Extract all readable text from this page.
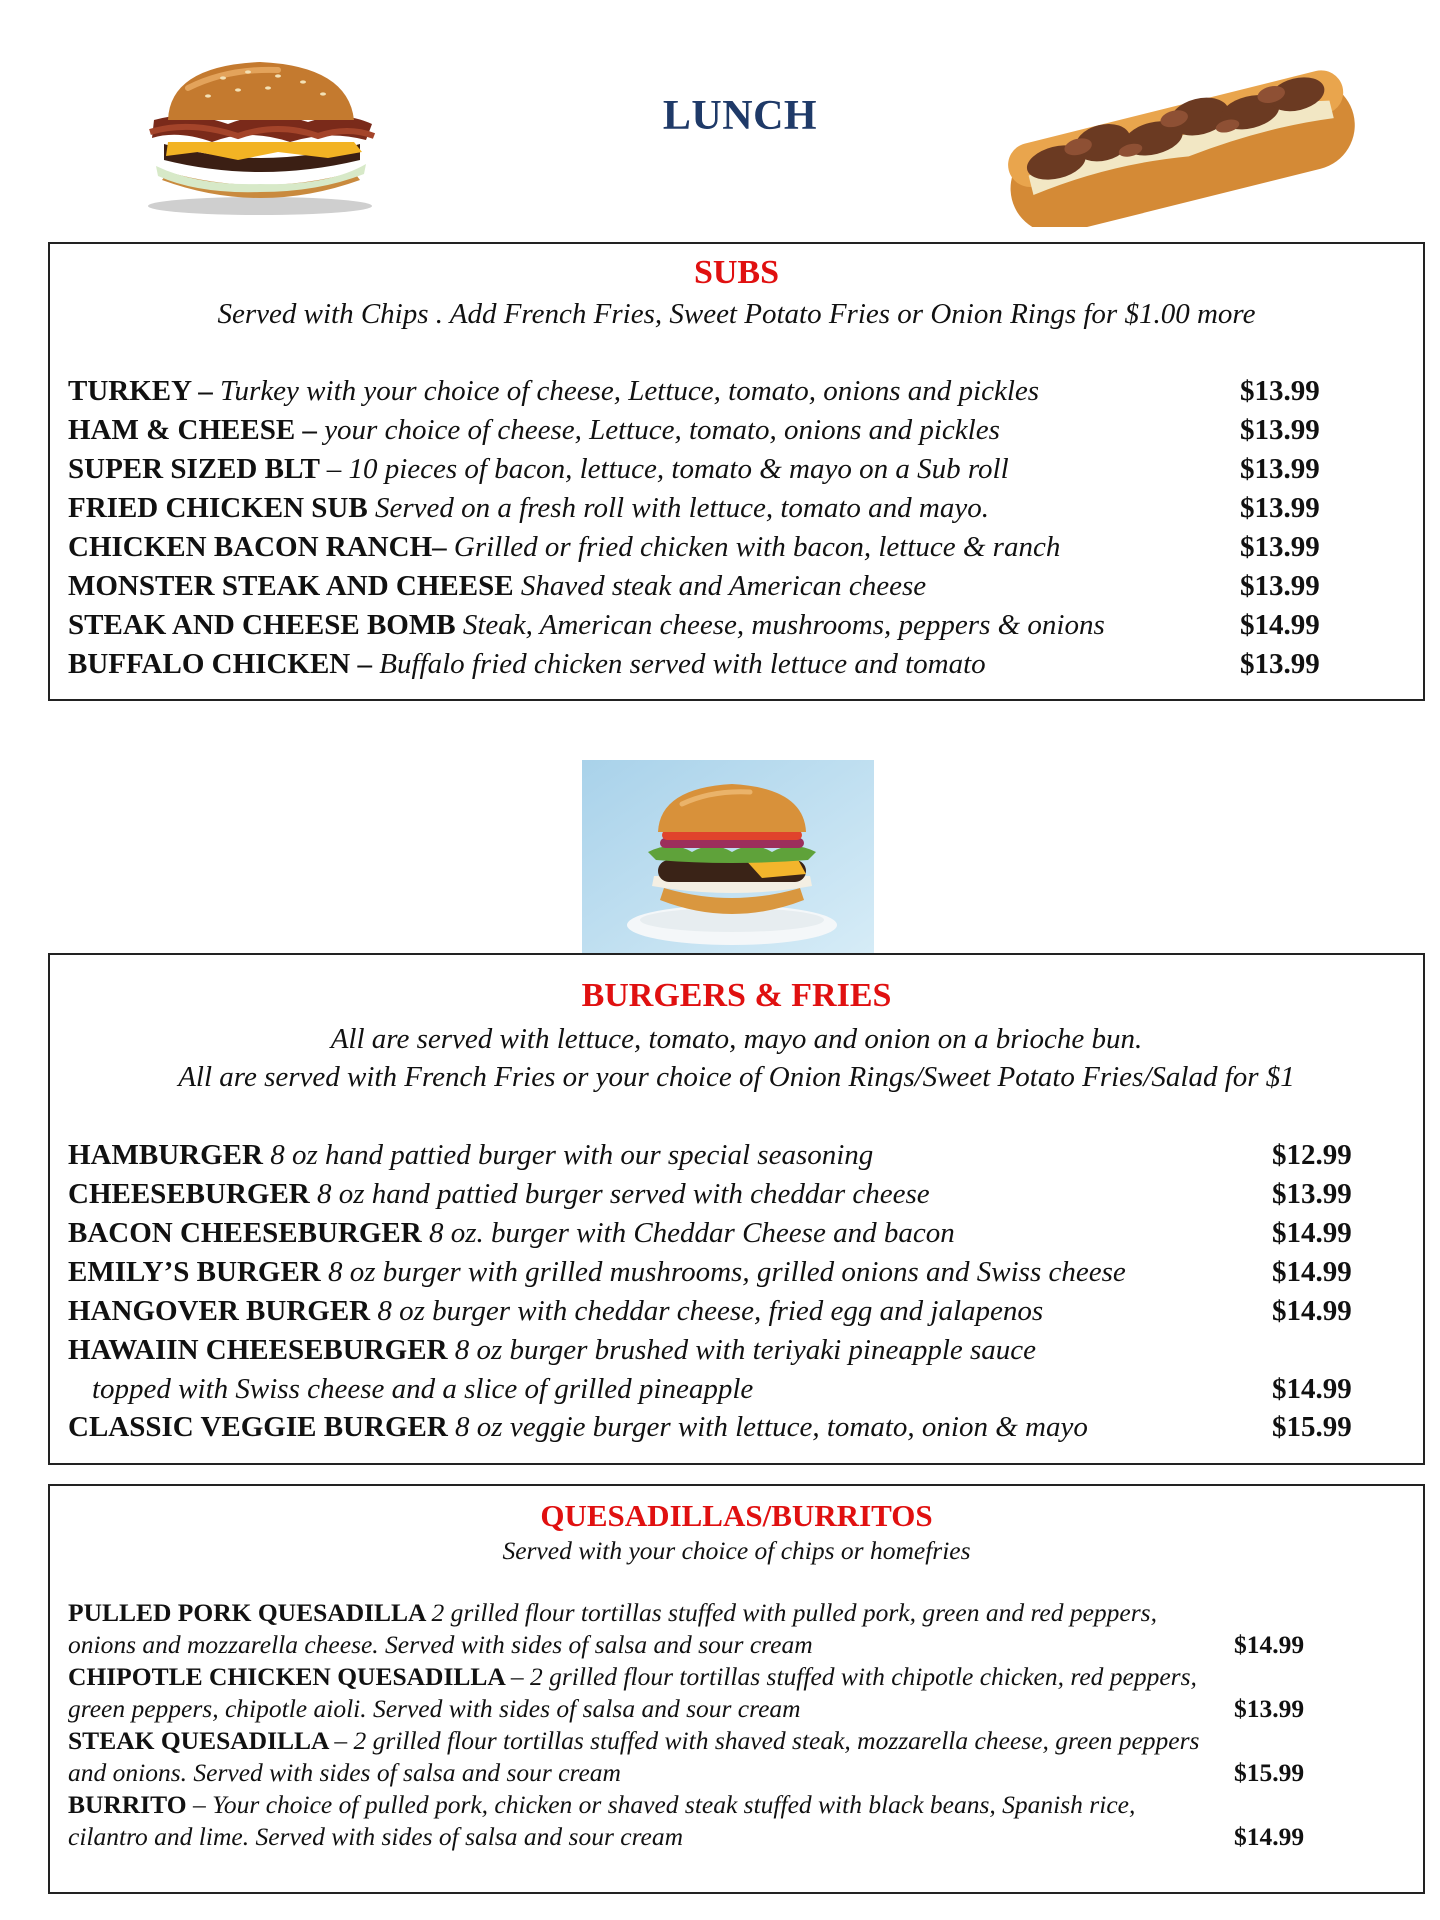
LUNCH
SUBS
Served with Chips . Add French Fries, Sweet Potato Fries or Onion Rings for $1.00 more
TURKEY – Turkey with your choice of cheese, Lettuce, tomato, onions and pickles	$13.99
HAM & CHEESE – your choice of cheese, Lettuce, tomato, onions and pickles	$13.99
SUPER SIZED BLT – 10 pieces of bacon, lettuce, tomato & mayo on a Sub roll	$13.99
FRIED CHICKEN SUB Served on a fresh roll with lettuce, tomato and mayo.	$13.99
CHICKEN BACON RANCH– Grilled or fried chicken with bacon, lettuce & ranch	$13.99
MONSTER STEAK AND CHEESE Shaved steak and American cheese	$13.99
STEAK AND CHEESE BOMB Steak, American cheese, mushrooms, peppers & onions	$14.99
BUFFALO CHICKEN – Buffalo fried chicken served with lettuce and tomato	$13.99
BURGERS & FRIES
All are served with lettuce, tomato, mayo and onion on a brioche bun.
All are served with French Fries or your choice of Onion Rings/Sweet Potato Fries/Salad for $1
HAMBURGER 8 oz hand pattied burger with our special seasoning	$12.99
CHEESEBURGER 8 oz hand pattied burger served with cheddar cheese	$13.99
BACON CHEESEBURGER 8 oz. burger with Cheddar Cheese and bacon	$14.99
EMILY’S BURGER 8 oz burger with grilled mushrooms, grilled onions and Swiss cheese	$14.99
HANGOVER BURGER 8 oz burger with cheddar cheese, fried egg and jalapenos	$14.99
HAWAIIN CHEESEBURGER 8 oz burger brushed with teriyaki pineapple sauce
topped with Swiss cheese and a slice of grilled pineapple	$14.99
CLASSIC VEGGIE BURGER 8 oz veggie burger with lettuce, tomato, onion & mayo	$15.99
QUESADILLAS/BURRITOS
Served with your choice of chips or homefries
PULLED PORK QUESADILLA 2 grilled flour tortillas stuffed with pulled pork, green and red peppers,
onions and mozzarella cheese. Served with sides of salsa and sour cream	$14.99
CHIPOTLE CHICKEN QUESADILLA – 2 grilled flour tortillas stuffed with chipotle chicken, red peppers,
green peppers, chipotle aioli. Served with sides of salsa and sour cream	$13.99
STEAK QUESADILLA – 2 grilled flour tortillas stuffed with shaved steak, mozzarella cheese, green peppers
and onions. Served with sides of salsa and sour cream	$15.99
BURRITO – Your choice of pulled pork, chicken or shaved steak stuffed with black beans, Spanish rice,
cilantro and lime. Served with sides of salsa and sour cream	$14.99
